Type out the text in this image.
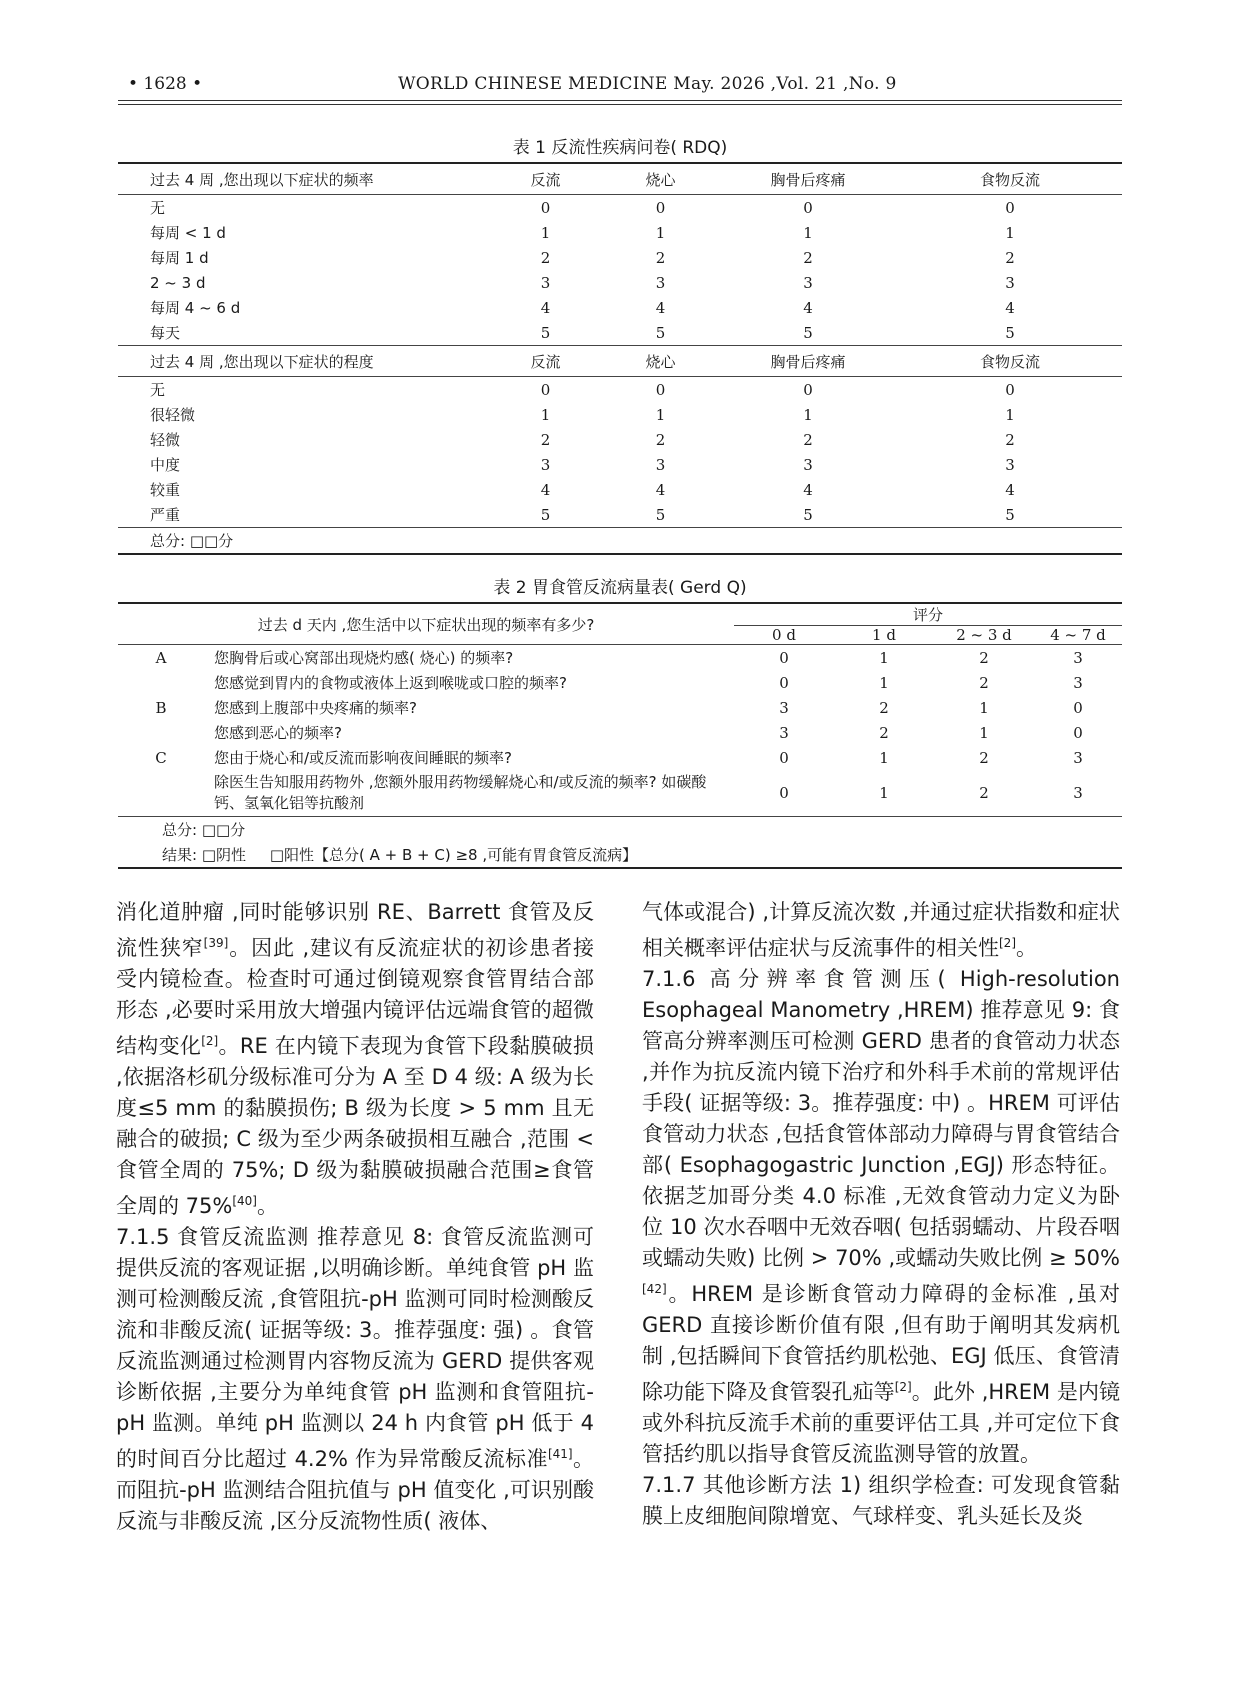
• 1628 •	WORLD CHINESE MEDICINE May. 2026 ,Vol. 21 ,No. 9
表 1 反流性疾病问卷( RDQ)
过去 4 周 ,您出现以下症状的频率	反流	烧心	胸骨后疼痛	食物反流
无	0	0	0	0
每周 < 1 d	1	1	1	1
每周 1 d	2	2	2	2
2 ~ 3 d	3	3	3	3
每周 4 ~ 6 d	4	4	4	4
每天	5	5	5	5
过去 4 周 ,您出现以下症状的程度	反流	烧心	胸骨后疼痛	食物反流
无	0	0	0	0
很轻微	1	1	1	1
轻微	2	2	2	2
中度	3	3	3	3
较重	4	4	4	4
严重	5	5	5	5
总分: □□分				
表 2 胃食管反流病量表( Gerd Q)
过去 d 天内 ,您生活中以下症状出现的频率有多少?		评分			
		0 d	1 d	2 ~ 3 d	4 ~ 7 d
A	您胸骨后或心窝部出现烧灼感( 烧心) 的频率?	0	1	2	3
	您感觉到胃内的食物或液体上返到喉咙或口腔的频率?	0	1	2	3
B	您感到上腹部中央疼痛的频率?	3	2	1	0
	您感到恶心的频率?	3	2	1	0
C	您由于烧心和/或反流而影响夜间睡眠的频率?	0	1	2	3
	除医生告知服用药物外 ,您额外服用药物缓解烧心和/或反流的频率? 如碳酸钙、氢氧化铝等抗酸剂	0	1	2	3
总分: □□分					
结果: □阴性     □阳性【总分( A + B + C) ≥8 ,可能有胃食管反流病】					

消化道肿瘤 ,同时能够识别 RE、Barrett 食管及反流性狭窄[39]。因此 ,建议有反流症状的初诊患者接受内镜检查。检查时可通过倒镜观察食管胃结合部形态 ,必要时采用放大增强内镜评估远端食管的超微结构变化[2]。RE 在内镜下表现为食管下段黏膜破损 ,依据洛杉矶分级标准可分为 A 至 D 4 级: A 级为长度≤5 mm 的黏膜损伤; B 级为长度 > 5 mm 且无融合的破损; C 级为至少两条破损相互融合 ,范围 < 食管全周的 75%; D 级为黏膜破损融合范围≥食管全周的 75%[40]。

7.1.5 食管反流监测 推荐意见 8: 食管反流监测可提供反流的客观证据 ,以明确诊断。单纯食管 pH 监测可检测酸反流 ,食管阻抗-pH 监测可同时检测酸反流和非酸反流( 证据等级: 3。推荐强度: 强) 。食管反流监测通过检测胃内容物反流为 GERD 提供客观诊断依据 ,主要分为单纯食管 pH 监测和食管阻抗-pH 监测。单纯 pH 监测以 24 h 内食管 pH 低于 4 的时间百分比超过 4.2% 作为异常酸反流标准[41]。而阻抗-pH 监测结合阻抗值与 pH 值变化 ,可识别酸反流与非酸反流 ,区分反流物性质( 液体、

气体或混合) ,计算反流次数 ,并通过症状指数和症状相关概率评估症状与反流事件的相关性[2]。

7.1.6 高分辨率食管测压( High-resolution Esophageal Manometry ,HREM) 推荐意见 9: 食管高分辨率测压可检测 GERD 患者的食管动力状态 ,并作为抗反流内镜下治疗和外科手术前的常规评估手段( 证据等级: 3。推荐强度: 中) 。HREM 可评估食管动力状态 ,包括食管体部动力障碍与胃食管结合部( Esophagogastric Junction ,EGJ) 形态特征。依据芝加哥分类 4.0 标准 ,无效食管动力定义为卧位 10 次水吞咽中无效吞咽( 包括弱蠕动、片段吞咽或蠕动失败) 比例 > 70% ,或蠕动失败比例 ≥ 50%[42]。HREM 是诊断食管动力障碍的金标准 ,虽对 GERD 直接诊断价值有限 ,但有助于阐明其发病机制 ,包括瞬间下食管括约肌松弛、EGJ 低压、食管清除功能下降及食管裂孔疝等[2]。此外 ,HREM 是内镜或外科抗反流手术前的重要评估工具 ,并可定位下食管括约肌以指导食管反流监测导管的放置。

7.1.7 其他诊断方法 1) 组织学检查: 可发现食管黏膜上皮细胞间隙增宽、气球样变、乳头延长及炎
